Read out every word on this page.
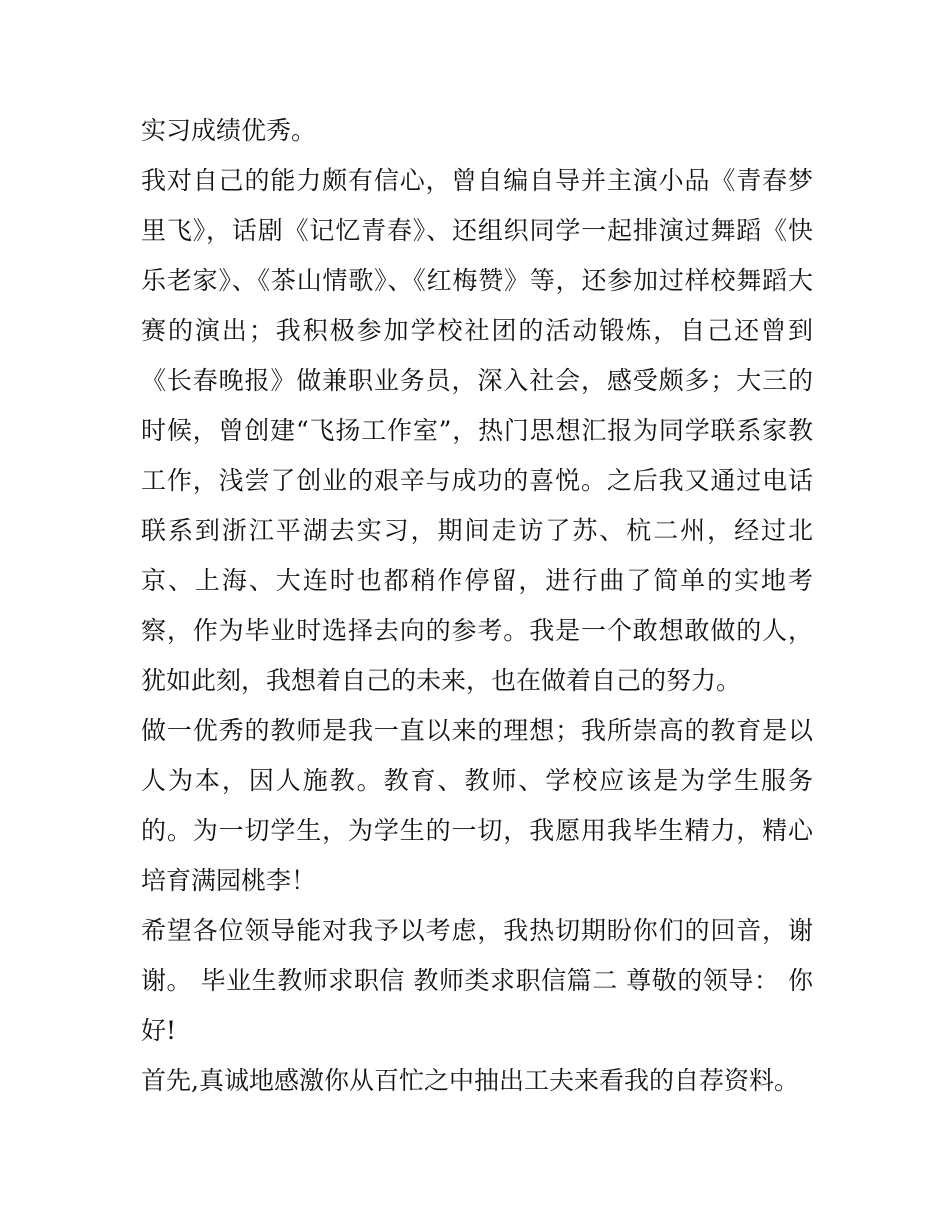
实习成绩优秀。

我对自己的能力颇有信心，曾自编自导并主演小品《青春梦里飞》，话剧《记忆青春》、还组织同学一起排演过舞蹈《快乐老家》、《茶山情歌》、《红梅赞》等，还参加过样校舞蹈大赛的演出；我积极参加学校社团的活动锻炼，自己还曾到《长春晚报》做兼职业务员，深入社会，感受颇多；大三的时候，曾创建“飞扬工作室”，热门思想汇报为同学联系家教工作，浅尝了创业的艰辛与成功的喜悦。之后我又通过电话联系到浙江平湖去实习，期间走访了苏、杭二州，经过北京、上海、大连时也都稍作停留，进行曲了简单的实地考察，作为毕业时选择去向的参考。我是一个敢想敢做的人，犹如此刻，我想着自己的未来，也在做着自己的努力。

做一优秀的教师是我一直以来的理想；我所崇高的教育是以人为本，因人施教。教育、教师、学校应该是为学生服务的。为一切学生，为学生的一切，我愿用我毕生精力，精心培育满园桃李！

希望各位领导能对我予以考虑，我热切期盼你们的回音，谢谢。 毕业生教师求职信 教师类求职信篇二 尊敬的领导： 你好!

首先,真诚地感激你从百忙之中抽出工夫来看我的自荐资料。
